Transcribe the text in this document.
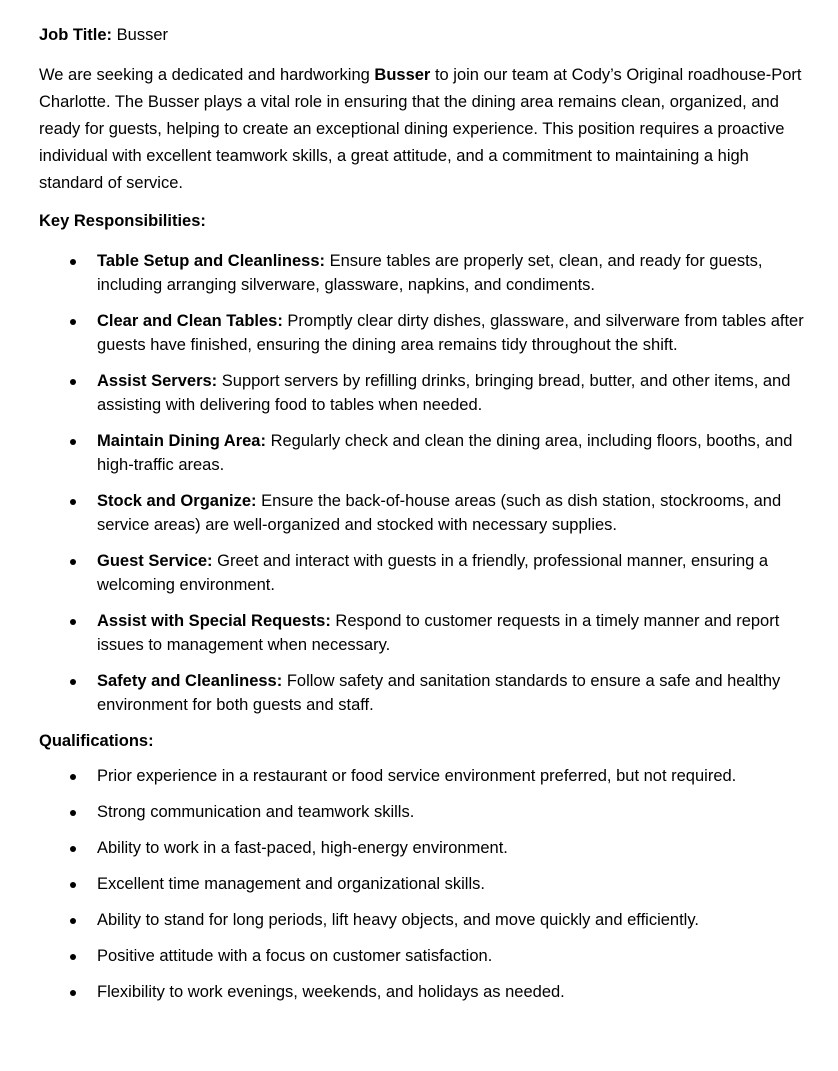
Job Title: Busser

We are seeking a dedicated and hardworking Busser to join our team at Cody’s Original roadhouse-Port Charlotte. The Busser plays a vital role in ensuring that the dining area remains clean, organized, and ready for guests, helping to create an exceptional dining experience. This position requires a proactive individual with excellent teamwork skills, a great attitude, and a commitment to maintaining a high standard of service.

Key Responsibilities:

Table Setup and Cleanliness: Ensure tables are properly set, clean, and ready for guests, including arranging silverware, glassware, napkins, and condiments.
Clear and Clean Tables: Promptly clear dirty dishes, glassware, and silverware from tables after guests have finished, ensuring the dining area remains tidy throughout the shift.
Assist Servers: Support servers by refilling drinks, bringing bread, butter, and other items, and assisting with delivering food to tables when needed.
Maintain Dining Area: Regularly check and clean the dining area, including floors, booths, and high-traffic areas.
Stock and Organize: Ensure the back-of-house areas (such as dish station, stockrooms, and service areas) are well-organized and stocked with necessary supplies.
Guest Service: Greet and interact with guests in a friendly, professional manner, ensuring a welcoming environment.
Assist with Special Requests: Respond to customer requests in a timely manner and report issues to management when necessary.
Safety and Cleanliness: Follow safety and sanitation standards to ensure a safe and healthy environment for both guests and staff.

Qualifications:

Prior experience in a restaurant or food service environment preferred, but not required.
Strong communication and teamwork skills.
Ability to work in a fast-paced, high-energy environment.
Excellent time management and organizational skills.
Ability to stand for long periods, lift heavy objects, and move quickly and efficiently.
Positive attitude with a focus on customer satisfaction.
Flexibility to work evenings, weekends, and holidays as needed.
